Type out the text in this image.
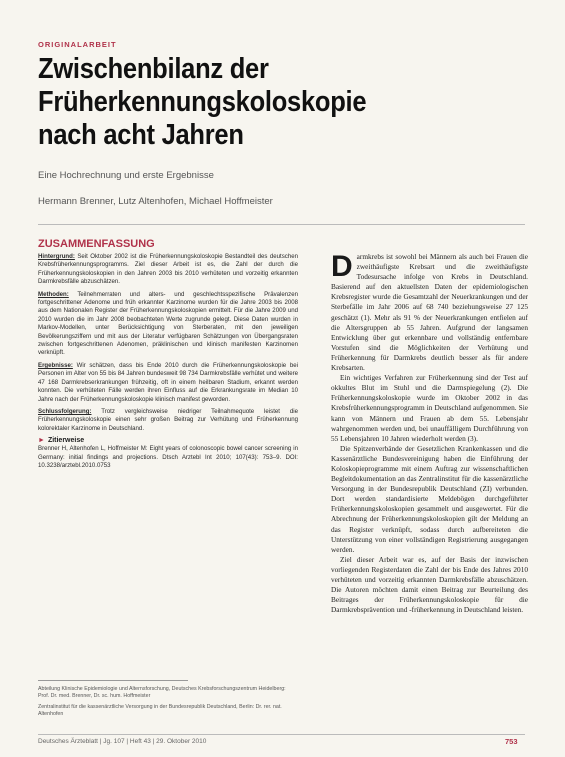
ORIGINALARBEIT
Zwischenbilanz der Früherkennungskoloskopie nach acht Jahren
Eine Hochrechnung und erste Ergebnisse
Hermann Brenner, Lutz Altenhofen, Michael Hoffmeister
ZUSAMMENFASSUNG

Hintergrund: Seit Oktober 2002 ist die Früherkennungskoloskopie Bestandteil des deutschen Krebsfrüherkennungsprogramms. Ziel dieser Arbeit ist es, die Zahl der durch die Früherkennungskoloskopien in den Jahren 2003 bis 2010 verhüteten und vorzeitig erkannten Darmkrebsfälle abzuschätzen.

Methoden: Teilnehmerraten und alters- und geschlechtsspezifische Prävalenzen fortgeschrittener Adenome und früh erkannter Karzinome wurden für die Jahre 2003 bis 2008 aus dem Nationalen Register der Früherkennungskoloskopien ermittelt. Für die Jahre 2009 und 2010 wurden die im Jahr 2008 beobachteten Werte zugrunde gelegt. Diese Daten wurden in Markov-Modellen, unter Berücksichtigung von Sterberaten, mit den jeweiligen Bevölkerungsziffern und mit aus der Literatur verfügbaren Schätzungen von Übergangsraten zwischen fortgeschrittenen Adenomen, präklinischen und klinisch manifesten Karzinomen verknüpft.

Ergebnisse: Wir schätzen, dass bis Ende 2010 durch die Früherkennungskoloskopie bei Personen im Alter von 55 bis 84 Jahren bundesweit 98 734 Darmkrebsfälle verhütet und weitere 47 168 Darmkrebserkrankungen frühzeitig, oft in einem heilbaren Stadium, erkannt werden konnten. Die verhüteten Fälle werden ihren Einfluss auf die Erkrankungsrate im Median 10 Jahre nach der Früherkennungskoloskopie klinisch manifest geworden.

Schlussfolgerung: Trotz vergleichsweise niedriger Teilnahmequote leistet die Früherkennungskoloskopie einen sehr großen Beitrag zur Verhütung und Früherkennung kolorektaler Karzinome in Deutschland.

► Zitierweise

Brenner H, Altenhofen L, Hoffmeister M: Eight years of colonoscopic bowel cancer screening in Germany: initial findings and projections. Dtsch Arztebl Int 2010; 107(43): 753–9. DOI: 10.3238/arztebl.2010.0753

Abteilung Klinische Epidemiologie und Alternsforschung, Deutsches Krebsforschungszentrum Heidelberg: Prof. Dr. med. Brenner, Dr. sc. hum. Hoffmeister
Zentralinstitut für die kassenärztliche Versorgung in der Bundesrepublik Deutschland, Berlin: Dr. rer. nat. Altenhofen

Darmkrebs ist sowohl bei Männern als auch bei Frauen die zweithäufigste Krebsart und die zweithäufigste Todesursache infolge von Krebs in Deutschland. Basierend auf den aktuellsten Daten der epidemiologischen Krebsregister wurde die Gesamtzahl der Neuerkrankungen und der Sterbefälle im Jahr 2006 auf 68 740 beziehungsweise 27 125 geschätzt (1). Mehr als 91 % der Neuerkrankungen entfielen auf die Altersgruppen ab 55 Jahren. Aufgrund der langsamen Entwicklung über gut erkennbare und vollständig entfernbare Vorstufen sind die Möglichkeiten der Verhütung und Früherkennung für Darmkrebs deutlich besser als für andere Krebsarten.

Ein wichtiges Verfahren zur Früherkennung sind der Test auf okkultes Blut im Stuhl und die Darmspiegelung (2). Die Früherkennungskoloskopie wurde im Oktober 2002 in das Krebsfrüherkennungsprogramm in Deutschland aufgenommen. Sie kann von Männern und Frauen ab dem 55. Lebensjahr wahrgenommen werden und, bei unauffälligem Durchführung von 55 Lebensjahren 10 Jahren wiederholt werden (3).

Die Spitzenverbände der Gesetzlichen Krankenkassen und die Kassenärztliche Bundesvereinigung haben die Einführung der Koloskopieprogramme mit einem Auftrag zur wissenschaftlichen Begleitdokumentation an das Zentralinstitut für die kassenärztliche Versorgung in der Bundesrepublik Deutschland (ZI) verbunden. Dort werden standardisierte Meldebögen durchgeführter Früherkennungskoloskopien gesammelt und ausgewertet. Für die Abrechnung der Früherkennungskoloskopien gilt der Meldung an das Register verknüpft, sodass durch aufbereiteten die Unterstützung von einer vollständigen Registrierung ausgegangen werden.

Ziel dieser Arbeit war es, auf der Basis der inzwischen vorliegenden Registerdaten die Zahl der bis Ende des Jahres 2010 verhüteten und vorzeitig erkannten Darmkrebsfälle abzuschätzen. Die Autoren möchten damit einen Beitrag zur Beurteilung des Beitrages der Früherkennungskoloskopie für die Darmkrebsprävention und -früherkennung in Deutschland leisten.

Deutsches Ärzteblatt | Jg. 107 | Heft 43 | 29. Oktober 2010	753
